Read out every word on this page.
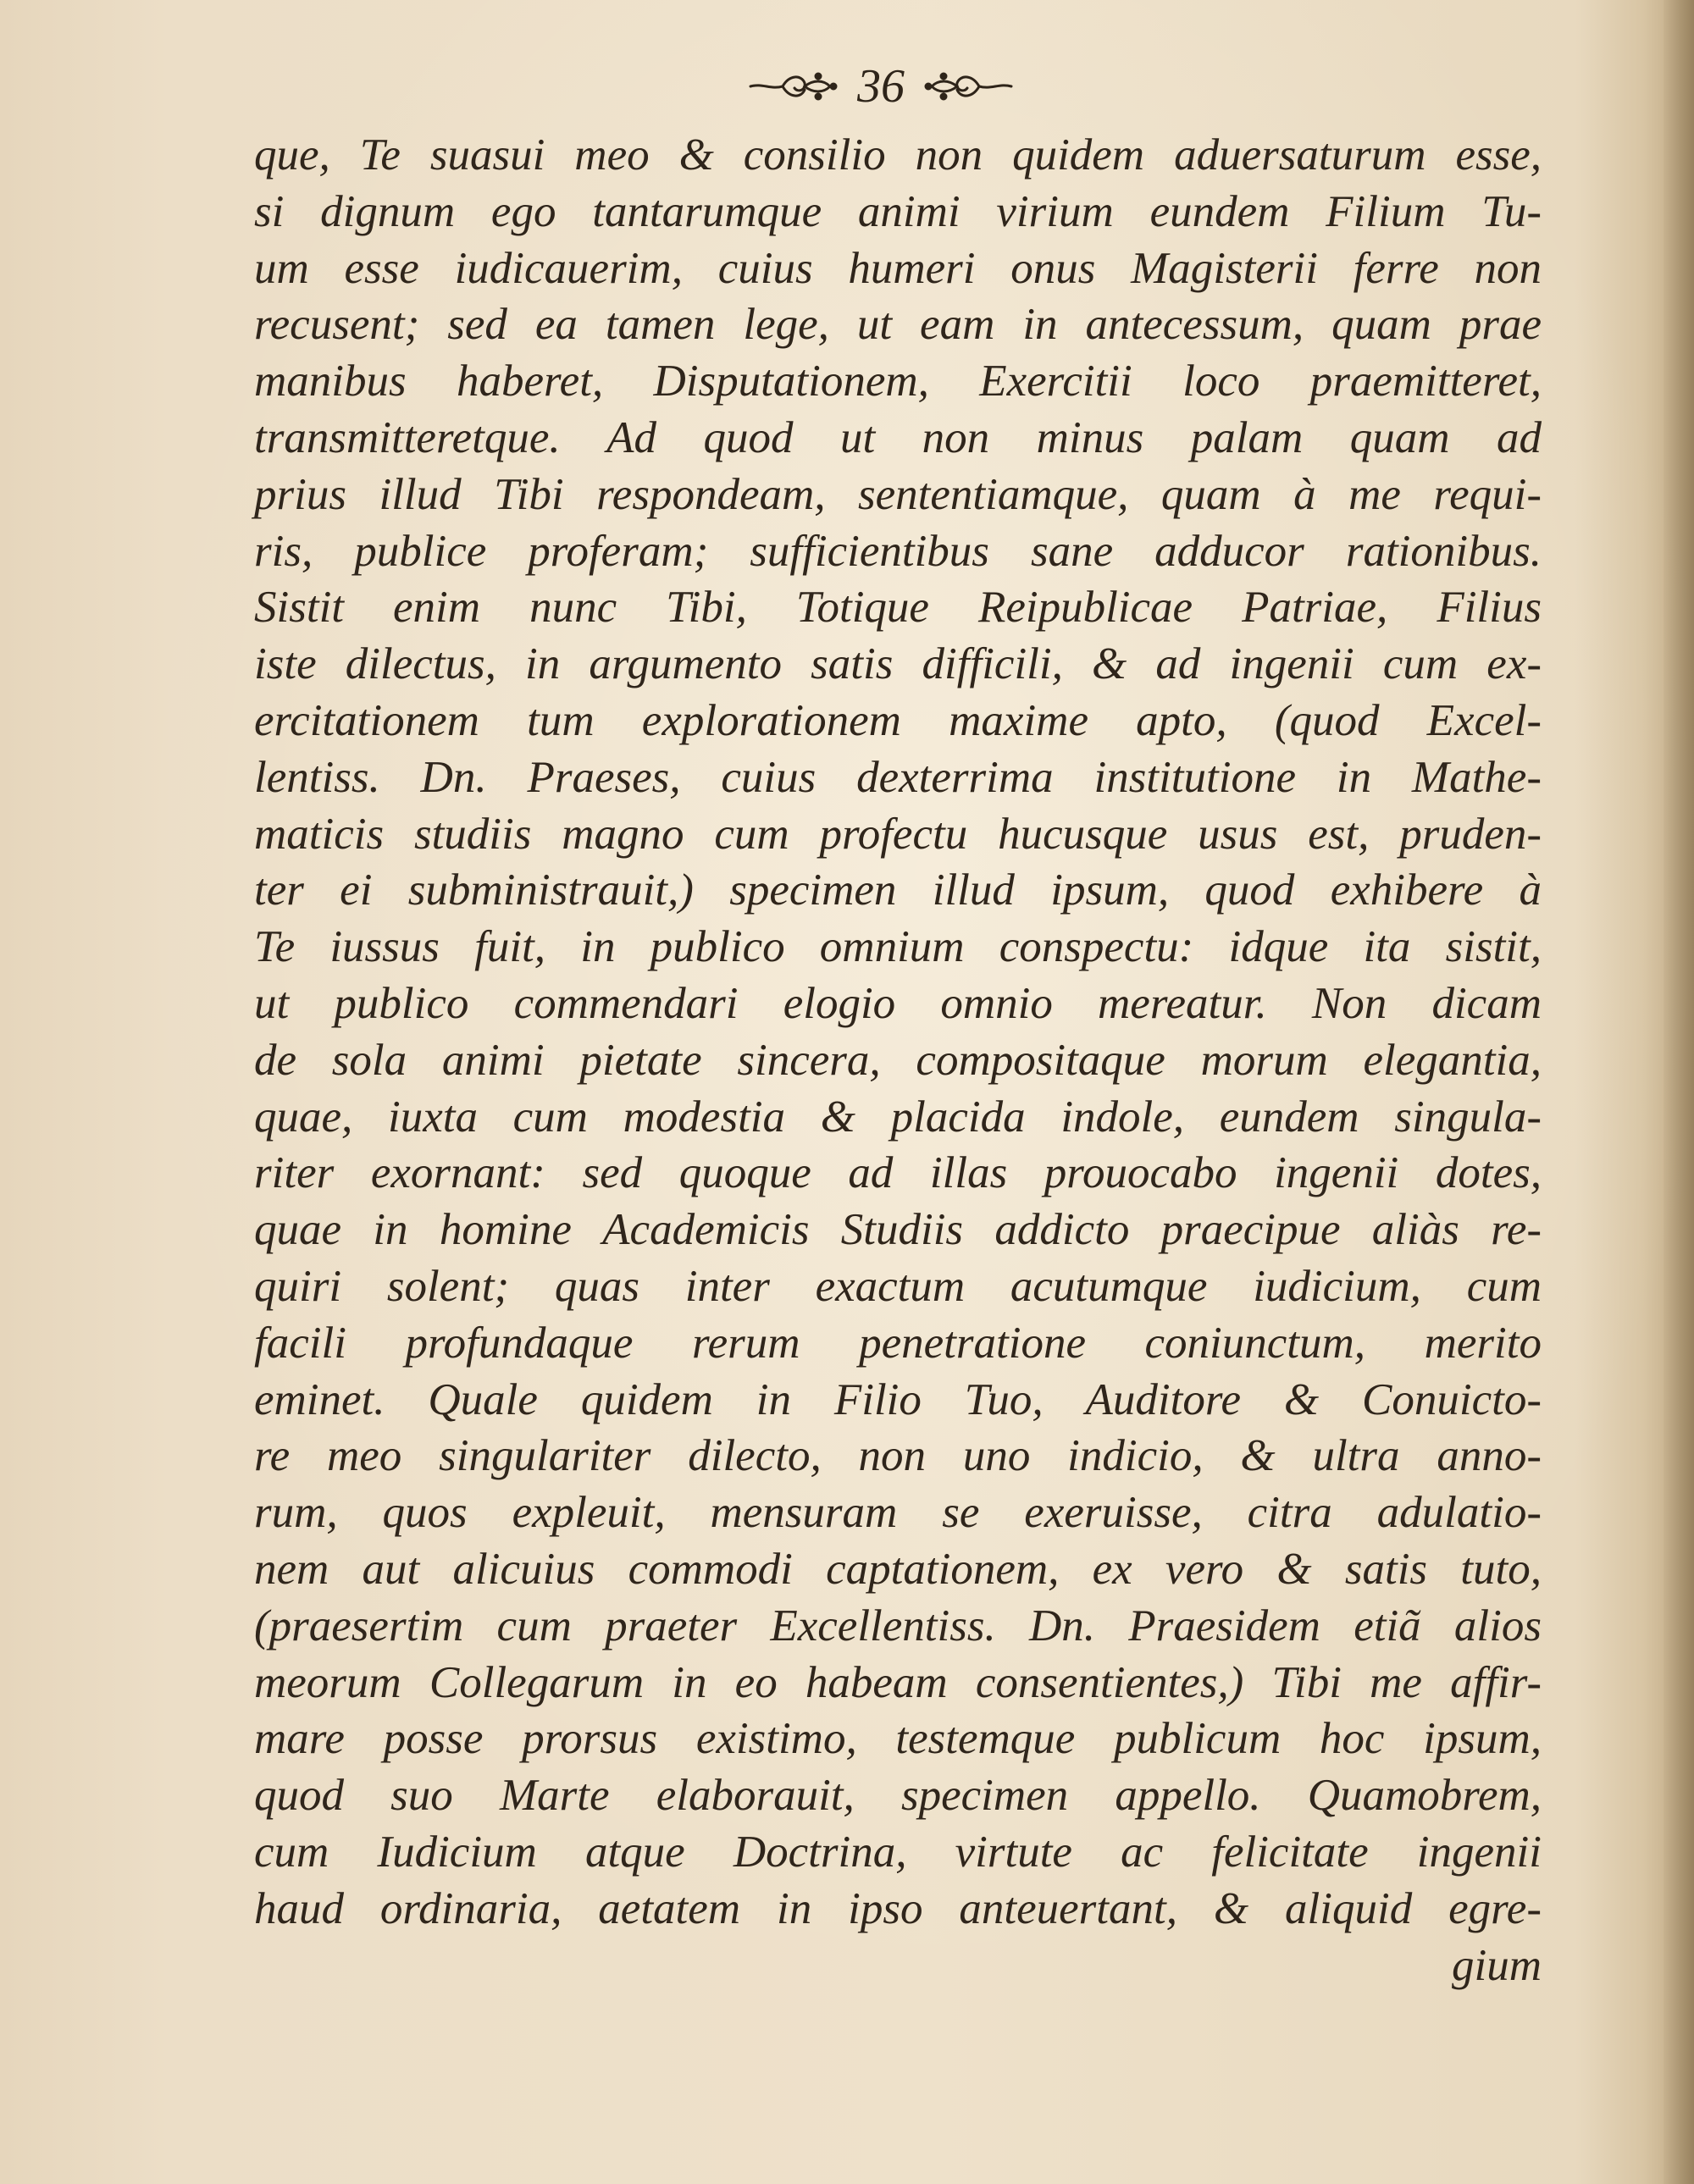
36
que, Te suasui meo & consilio non quidem aduersaturum esse,
si dignum ego tantarumque animi virium eundem Filium Tu-
um esse iudicauerim, cuius humeri onus Magisterii ferre non
recusent; sed ea tamen lege, ut eam in antecessum, quam prae
manibus haberet, Disputationem, Exercitii loco praemitteret,
transmitteretque. Ad quod ut non minus palam quam ad
prius illud Tibi respondeam, sententiamque, quam à me requi-
ris, publice proferam; sufficientibus sane adducor rationibus.
Sistit enim nunc Tibi, Totique Reipublicae Patriae, Filius
iste dilectus, in argumento satis difficili, & ad ingenii cum ex-
ercitationem tum explorationem maxime apto, (quod Excel-
lentiss. Dn. Praeses, cuius dexterrima institutione in Mathe-
maticis studiis magno cum profectu hucusque usus est, pruden-
ter ei subministrauit,) specimen illud ipsum, quod exhibere à
Te iussus fuit, in publico omnium conspectu: idque ita sistit,
ut publico commendari elogio omnio mereatur. Non dicam
de sola animi pietate sincera, compositaque morum elegantia,
quae, iuxta cum modestia & placida indole, eundem singula-
riter exornant: sed quoque ad illas prouocabo ingenii dotes,
quae in homine Academicis Studiis addicto praecipue aliàs re-
quiri solent; quas inter exactum acutumque iudicium, cum
facili profundaque rerum penetratione coniunctum, merito
eminet. Quale quidem in Filio Tuo, Auditore & Conuicto-
re meo singulariter dilecto, non uno indicio, & ultra anno-
rum, quos expleuit, mensuram se exeruisse, citra adulatio-
nem aut alicuius commodi captationem, ex vero & satis tuto,
(praesertim cum praeter Excellentiss. Dn. Praesidem etiã alios
meorum Collegarum in eo habeam consentientes,) Tibi me affir-
mare posse prorsus existimo, testemque publicum hoc ipsum,
quod suo Marte elaborauit, specimen appello. Quamobrem,
cum Iudicium atque Doctrina, virtute ac felicitate ingenii
haud ordinaria, aetatem in ipso anteuertant, & aliquid egre-
gium
